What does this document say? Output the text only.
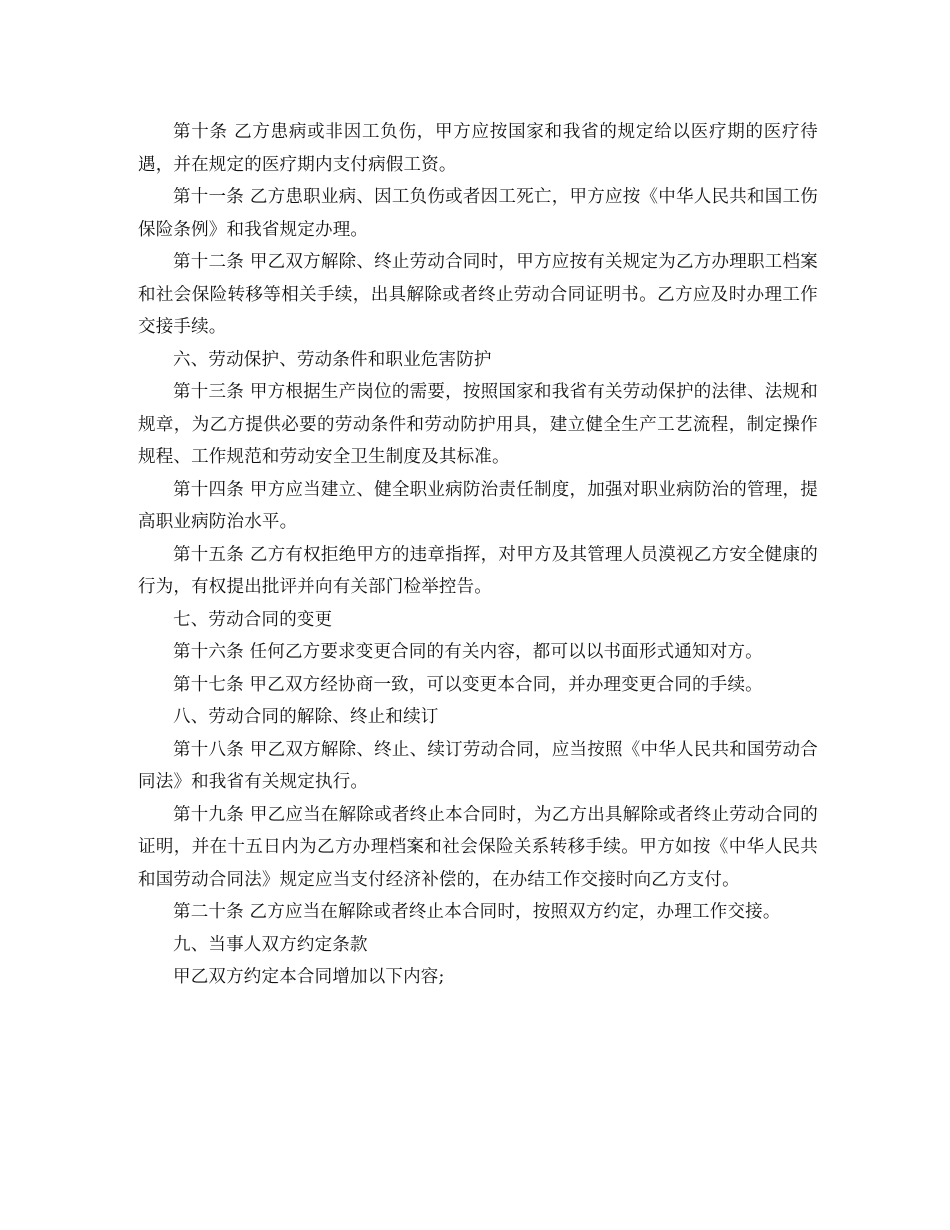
第十条 乙方患病或非因工负伤，甲方应按国家和我省的规定给以医疗期的医疗待遇，并在规定的医疗期内支付病假工资。

第十一条 乙方患职业病、因工负伤或者因工死亡，甲方应按《中华人民共和国工伤保险条例》和我省规定办理。

第十二条 甲乙双方解除、终止劳动合同时，甲方应按有关规定为乙方办理职工档案和社会保险转移等相关手续，出具解除或者终止劳动合同证明书。乙方应及时办理工作交接手续。

六、劳动保护、劳动条件和职业危害防护

第十三条 甲方根据生产岗位的需要，按照国家和我省有关劳动保护的法律、法规和规章，为乙方提供必要的劳动条件和劳动防护用具，建立健全生产工艺流程，制定操作规程、工作规范和劳动安全卫生制度及其标准。

第十四条 甲方应当建立、健全职业病防治责任制度，加强对职业病防治的管理，提高职业病防治水平。

第十五条 乙方有权拒绝甲方的违章指挥，对甲方及其管理人员漠视乙方安全健康的行为，有权提出批评并向有关部门检举控告。

七、劳动合同的变更

第十六条 任何乙方要求变更合同的有关内容，都可以以书面形式通知对方。

第十七条 甲乙双方经协商一致，可以变更本合同，并办理变更合同的手续。

八、劳动合同的解除、终止和续订

第十八条 甲乙双方解除、终止、续订劳动合同，应当按照《中华人民共和国劳动合同法》和我省有关规定执行。

第十九条 甲乙应当在解除或者终止本合同时，为乙方出具解除或者终止劳动合同的证明，并在十五日内为乙方办理档案和社会保险关系转移手续。甲方如按《中华人民共和国劳动合同法》规定应当支付经济补偿的，在办结工作交接时向乙方支付。

第二十条 乙方应当在解除或者终止本合同时，按照双方约定，办理工作交接。

九、当事人双方约定条款

甲乙双方约定本合同增加以下内容;
